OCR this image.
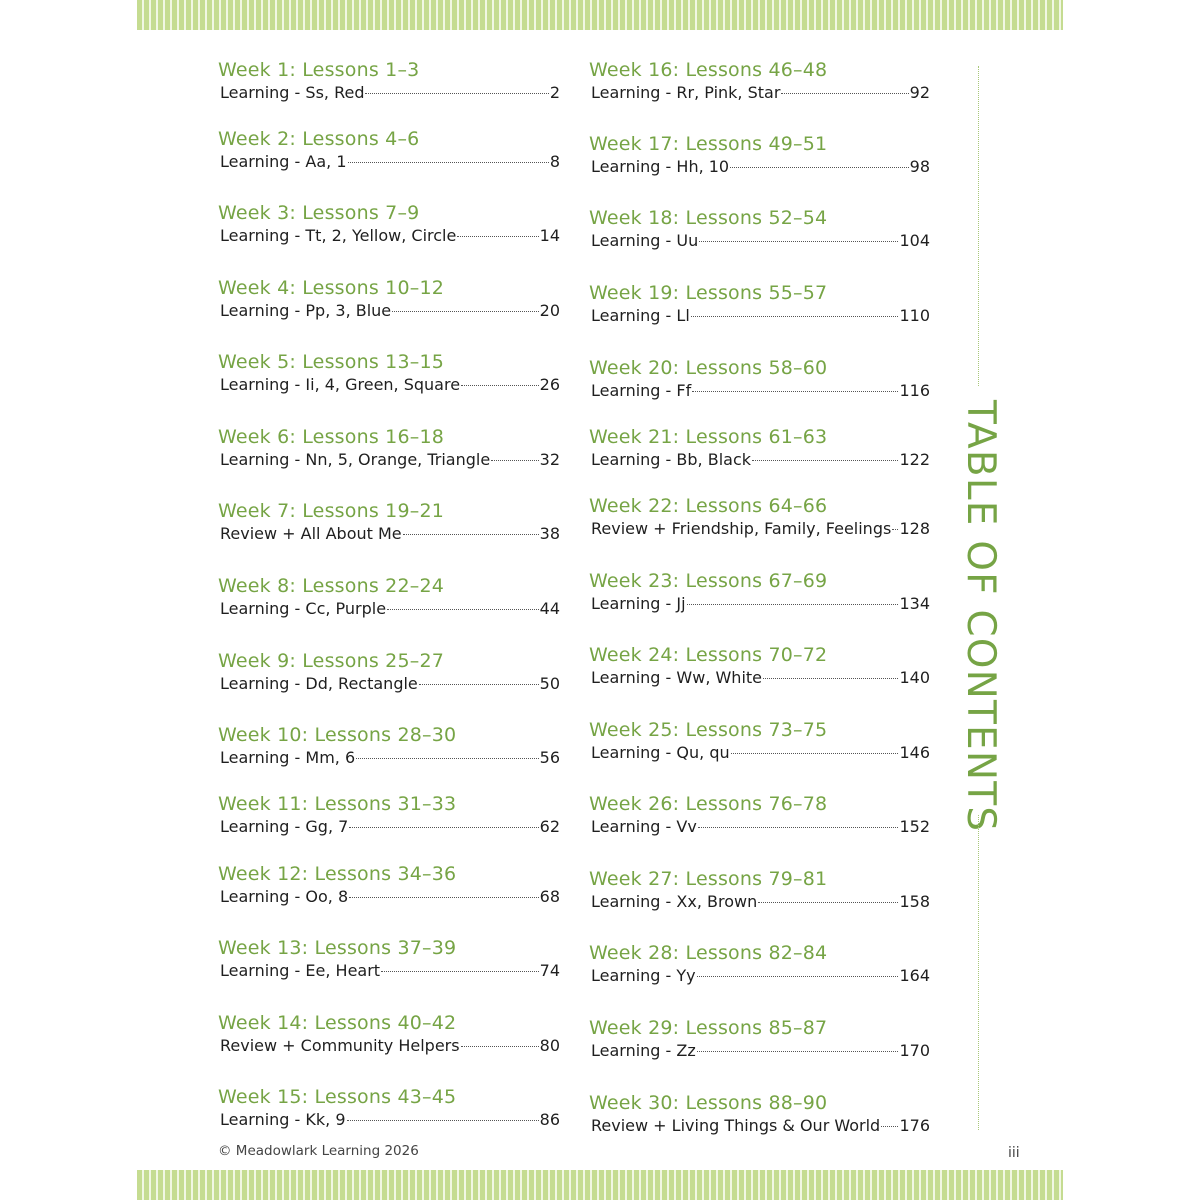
Week 1: Lessons 1–3
Learning - Ss, Red	2
Week 2: Lessons 4–6
Learning - Aa, 1	8
Week 3: Lessons 7–9
Learning - Tt, 2, Yellow, Circle	14
Week 4: Lessons 10–12
Learning - Pp, 3, Blue	20
Week 5: Lessons 13–15
Learning - Ii, 4, Green, Square	26
Week 6: Lessons 16–18
Learning - Nn, 5, Orange, Triangle	32
Week 7: Lessons 19–21
Review + All About Me	38
Week 8: Lessons 22–24
Learning - Cc, Purple	44
Week 9: Lessons 25–27
Learning - Dd, Rectangle	50
Week 10: Lessons 28–30
Learning - Mm, 6	56
Week 11: Lessons 31–33
Learning - Gg, 7	62
Week 12: Lessons 34–36
Learning - Oo, 8	68
Week 13: Lessons 37–39
Learning - Ee, Heart	74
Week 14: Lessons 40–42
Review + Community Helpers	80
Week 15: Lessons 43–45
Learning - Kk, 9	86
Week 16: Lessons 46–48
Learning - Rr, Pink, Star	92
Week 17: Lessons 49–51
Learning - Hh, 10	98
Week 18: Lessons 52–54
Learning - Uu	104
Week 19: Lessons 55–57
Learning - Ll	110
Week 20: Lessons 58–60
Learning - Ff	116
Week 21: Lessons 61–63
Learning - Bb, Black	122
Week 22: Lessons 64–66
Review + Friendship, Family, Feelings 128
Week 23: Lessons 67–69
Learning - Jj	134
Week 24: Lessons 70–72
Learning - Ww, White	140
Week 25: Lessons 73–75
Learning - Qu, qu	146
Week 26: Lessons 76–78
Learning - Vv	152
Week 27: Lessons 79–81
Learning - Xx, Brown	158
Week 28: Lessons 82–84
Learning - Yy	164
Week 29: Lessons 85–87
Learning - Zz	170
Week 30: Lessons 88–90
Review + Living Things & Our World 176
TABLE OF CONTENTS
© Meadowlark Learning 2026	iii
